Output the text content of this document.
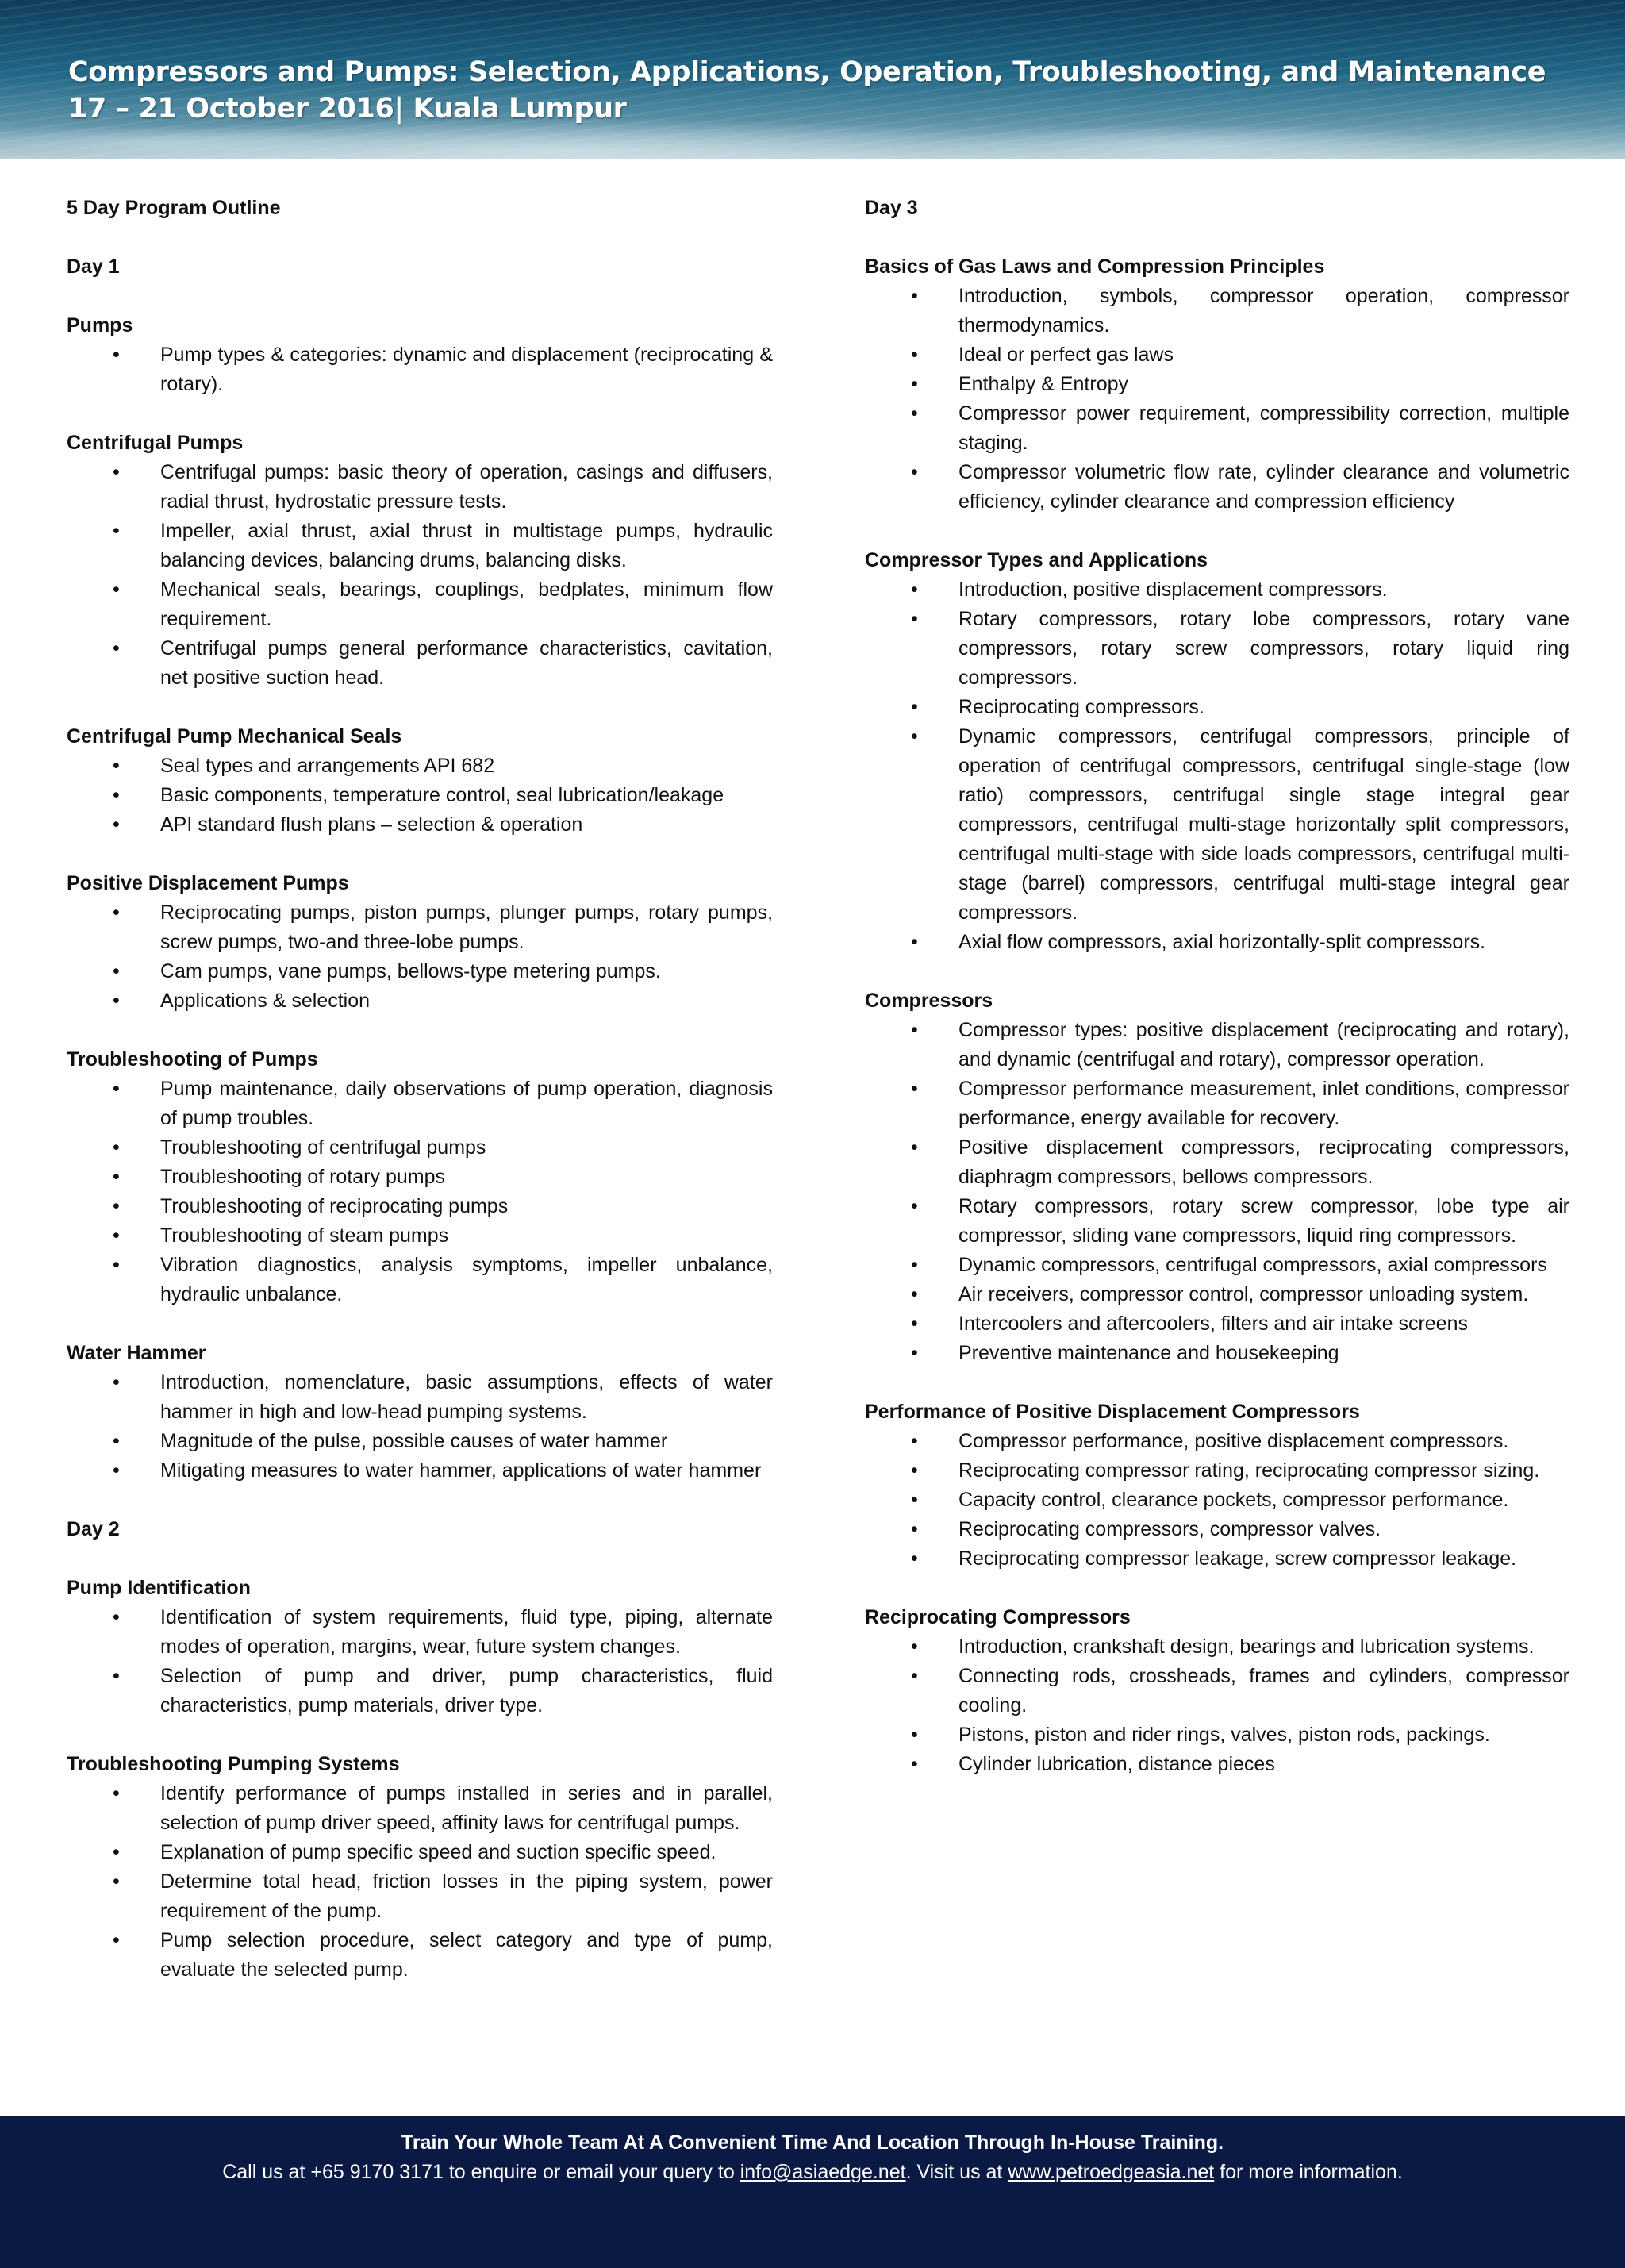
Compressors and Pumps: Selection, Applications, Operation, Troubleshooting, and Maintenance
17 – 21 October 2016| Kuala Lumpur

5 Day Program Outline

Day 1

Pumps

• Pump types & categories: dynamic and displacement (reciprocating & rotary).

Centrifugal Pumps

• Centrifugal pumps: basic theory of operation, casings and diffusers, radial thrust, hydrostatic pressure tests.
• Impeller, axial thrust, axial thrust in multistage pumps, hydraulic balancing devices, balancing drums, balancing disks.
• Mechanical seals, bearings, couplings, bedplates, minimum flow requirement.
• Centrifugal pumps general performance characteristics, cavitation, net positive suction head.

Centrifugal Pump Mechanical Seals

• Seal types and arrangements API 682
• Basic components, temperature control, seal lubrication/leakage
• API standard flush plans – selection & operation

Positive Displacement Pumps

• Reciprocating pumps, piston pumps, plunger pumps, rotary pumps, screw pumps, two-and three-lobe pumps.
• Cam pumps, vane pumps, bellows-type metering pumps.
• Applications & selection

Troubleshooting of Pumps

• Pump maintenance, daily observations of pump operation, diagnosis of pump troubles.
• Troubleshooting of centrifugal pumps
• Troubleshooting of rotary pumps
• Troubleshooting of reciprocating pumps
• Troubleshooting of steam pumps
• Vibration diagnostics, analysis symptoms, impeller unbalance, hydraulic unbalance.

Water Hammer

• Introduction, nomenclature, basic assumptions, effects of water hammer in high and low-head pumping systems.
• Magnitude of the pulse, possible causes of water hammer
• Mitigating measures to water hammer, applications of water hammer

Day 2

Pump Identification

• Identification of system requirements, fluid type, piping, alternate modes of operation, margins, wear, future system changes.
• Selection of pump and driver, pump characteristics, fluid characteristics, pump materials, driver type.

Troubleshooting Pumping Systems

• Identify performance of pumps installed in series and in parallel, selection of pump driver speed, affinity laws for centrifugal pumps.
• Explanation of pump specific speed and suction specific speed.
• Determine total head, friction losses in the piping system, power requirement of the pump.
• Pump selection procedure, select category and type of pump, evaluate the selected pump.

Day 3

Basics of Gas Laws and Compression Principles

• Introduction, symbols, compressor operation, compressor thermodynamics.
• Ideal or perfect gas laws
• Enthalpy & Entropy
• Compressor power requirement, compressibility correction, multiple staging.
• Compressor volumetric flow rate, cylinder clearance and volumetric efficiency, cylinder clearance and compression efficiency

Compressor Types and Applications

• Introduction, positive displacement compressors.
• Rotary compressors, rotary lobe compressors, rotary vane compressors, rotary screw compressors, rotary liquid ring compressors.
• Reciprocating compressors.
• Dynamic compressors, centrifugal compressors, principle of operation of centrifugal compressors, centrifugal single-stage (low ratio) compressors, centrifugal single stage integral gear compressors, centrifugal multi-stage horizontally split compressors, centrifugal multi-stage with side loads compressors, centrifugal multi-stage (barrel) compressors, centrifugal multi-stage integral gear compressors.
• Axial flow compressors, axial horizontally-split compressors.

Compressors

• Compressor types: positive displacement (reciprocating and rotary), and dynamic (centrifugal and rotary), compressor operation.
• Compressor performance measurement, inlet conditions, compressor performance, energy available for recovery.
• Positive displacement compressors, reciprocating compressors, diaphragm compressors, bellows compressors.
• Rotary compressors, rotary screw compressor, lobe type air compressor, sliding vane compressors, liquid ring compressors.
• Dynamic compressors, centrifugal compressors, axial compressors
• Air receivers, compressor control, compressor unloading system.
• Intercoolers and aftercoolers, filters and air intake screens
• Preventive maintenance and housekeeping

Performance of Positive Displacement Compressors

• Compressor performance, positive displacement compressors.
• Reciprocating compressor rating, reciprocating compressor sizing.
• Capacity control, clearance pockets, compressor performance.
• Reciprocating compressors, compressor valves.
• Reciprocating compressor leakage, screw compressor leakage.

Reciprocating Compressors

• Introduction, crankshaft design, bearings and lubrication systems.
• Connecting rods, crossheads, frames and cylinders, compressor cooling.
• Pistons, piston and rider rings, valves, piston rods, packings.
• Cylinder lubrication, distance pieces
Train Your Whole Team At A Convenient Time And Location Through In-House Training.
Call us at +65 9170 3171 to enquire or email your query to info@asiaedge.net. Visit us at www.petroedgeasia.net for more information.
